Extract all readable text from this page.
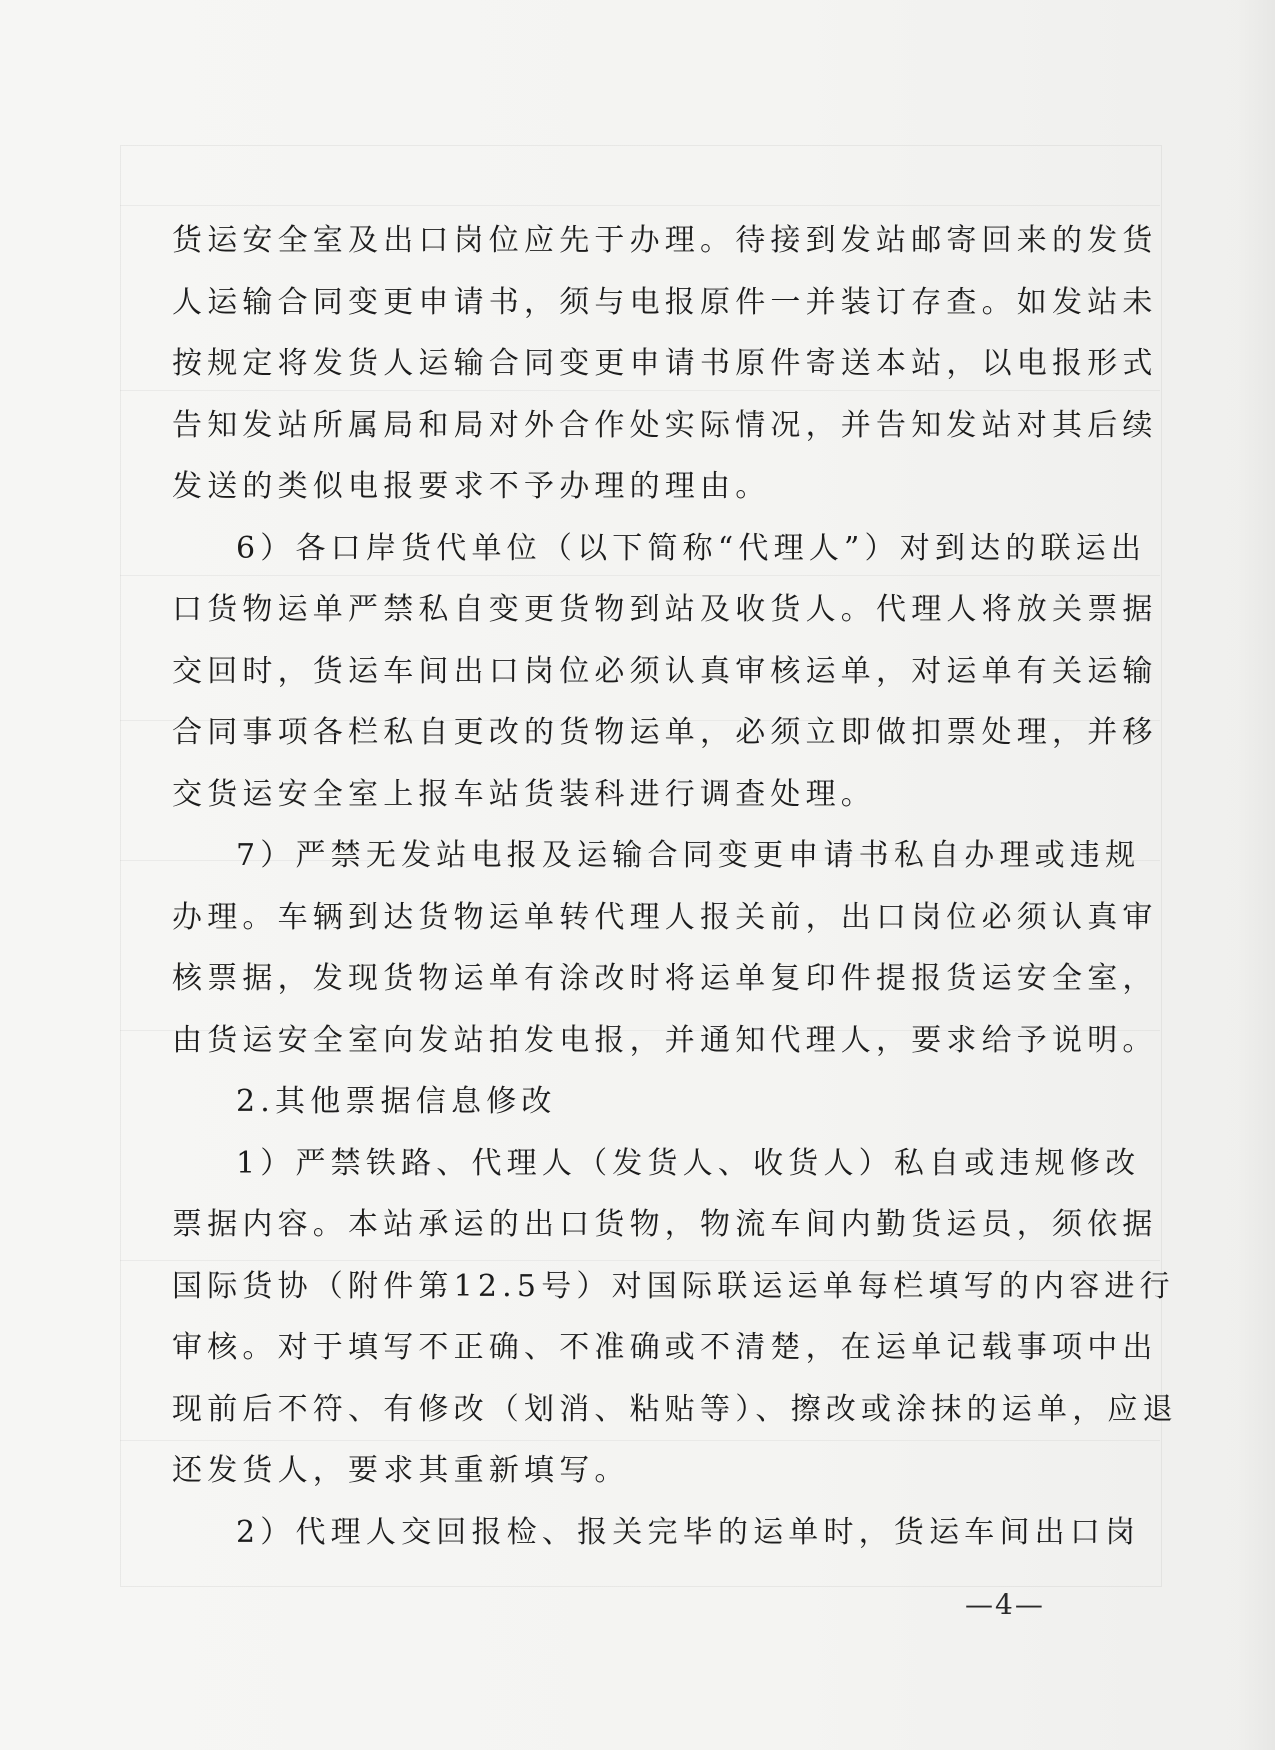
货运安全室及出口岗位应先于办理。待接到发站邮寄回来的发货
人运输合同变更申请书，须与电报原件一并装订存查。如发站未
按规定将发货人运输合同变更申请书原件寄送本站，以电报形式
告知发站所属局和局对外合作处实际情况，并告知发站对其后续
发送的类似电报要求不予办理的理由。
6）各口岸货代单位（以下简称“代理人”）对到达的联运出
口货物运单严禁私自变更货物到站及收货人。代理人将放关票据
交回时，货运车间出口岗位必须认真审核运单，对运单有关运输
合同事项各栏私自更改的货物运单，必须立即做扣票处理，并移
交货运安全室上报车站货装科进行调查处理。
7）严禁无发站电报及运输合同变更申请书私自办理或违规
办理。车辆到达货物运单转代理人报关前，出口岗位必须认真审
核票据，发现货物运单有涂改时将运单复印件提报货运安全室，
由货运安全室向发站拍发电报，并通知代理人，要求给予说明。
2.其他票据信息修改
1）严禁铁路、代理人（发货人、收货人）私自或违规修改
票据内容。本站承运的出口货物，物流车间内勤货运员，须依据
国际货协（附件第12.5号）对国际联运运单每栏填写的内容进行
审核。对于填写不正确、不准确或不清楚，在运单记载事项中出
现前后不符、有修改（划消、粘贴等）、擦改或涂抹的运单，应退
还发货人，要求其重新填写。
2）代理人交回报检、报关完毕的运单时，货运车间出口岗
—4—
